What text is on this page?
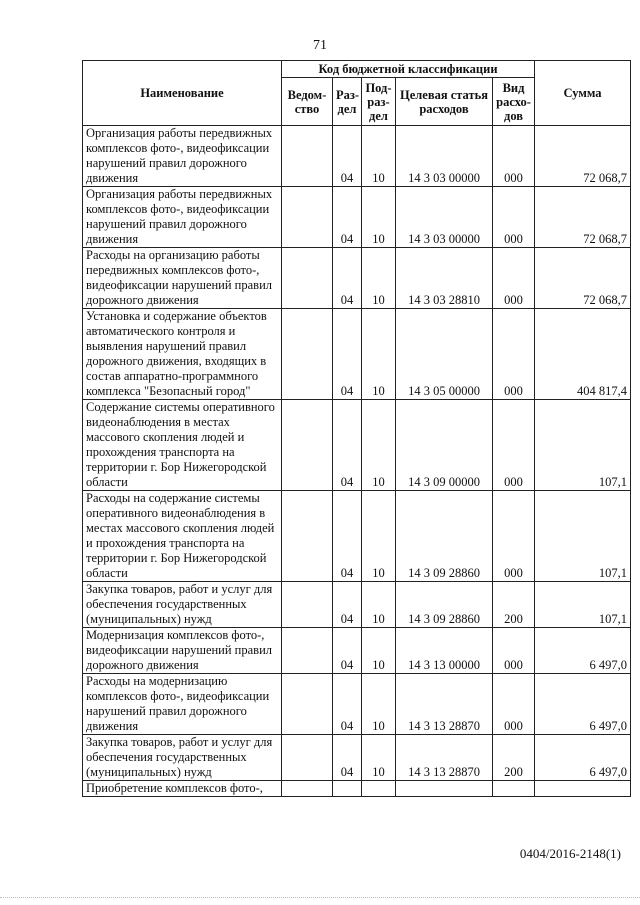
71
Наименование	Код бюджетной классификации					Сумма
	Ведом-ство	Раз-дел	Под-раз-дел	Целевая статья расходов	Вид расхо-дов	
Организация работы передвижных комплексов фото-, видеофиксации нарушений правил дорожного движения		04	10	14 3 03 00000	000	72 068,7
Организация работы передвижных комплексов фото-, видеофиксации нарушений правил дорожного движения		04	10	14 3 03 00000	000	72 068,7
Расходы на организацию работы передвижных комплексов фото-, видеофиксации нарушений правил дорожного движения		04	10	14 3 03 28810	000	72 068,7
Установка и содержание объектов автоматического контроля и выявления нарушений правил дорожного движения, входящих в состав аппаратно-программного комплекса "Безопасный город"		04	10	14 3 05 00000	000	404 817,4
Содержание системы оперативного видеонаблюдения в местах массового скопления людей и прохождения транспорта на территории г. Бор Нижегородской области		04	10	14 3 09 00000	000	107,1
Расходы на содержание системы оперативного видеонаблюдения в местах массового скопления людей и прохождения транспорта на территории г. Бор Нижегородской области		04	10	14 3 09 28860	000	107,1
Закупка товаров, работ и услуг для обеспечения государственных (муниципальных) нужд		04	10	14 3 09 28860	200	107,1
Модернизация комплексов фото-, видеофиксации нарушений правил дорожного движения		04	10	14 3 13 00000	000	6 497,0
Расходы на модернизацию комплексов фото-, видеофиксации нарушений правил дорожного движения		04	10	14 3 13 28870	000	6 497,0
Закупка товаров, работ и услуг для обеспечения государственных (муниципальных) нужд		04	10	14 3 13 28870	200	6 497,0
Приобретение комплексов фото-,						
0404/2016-2148(1)
